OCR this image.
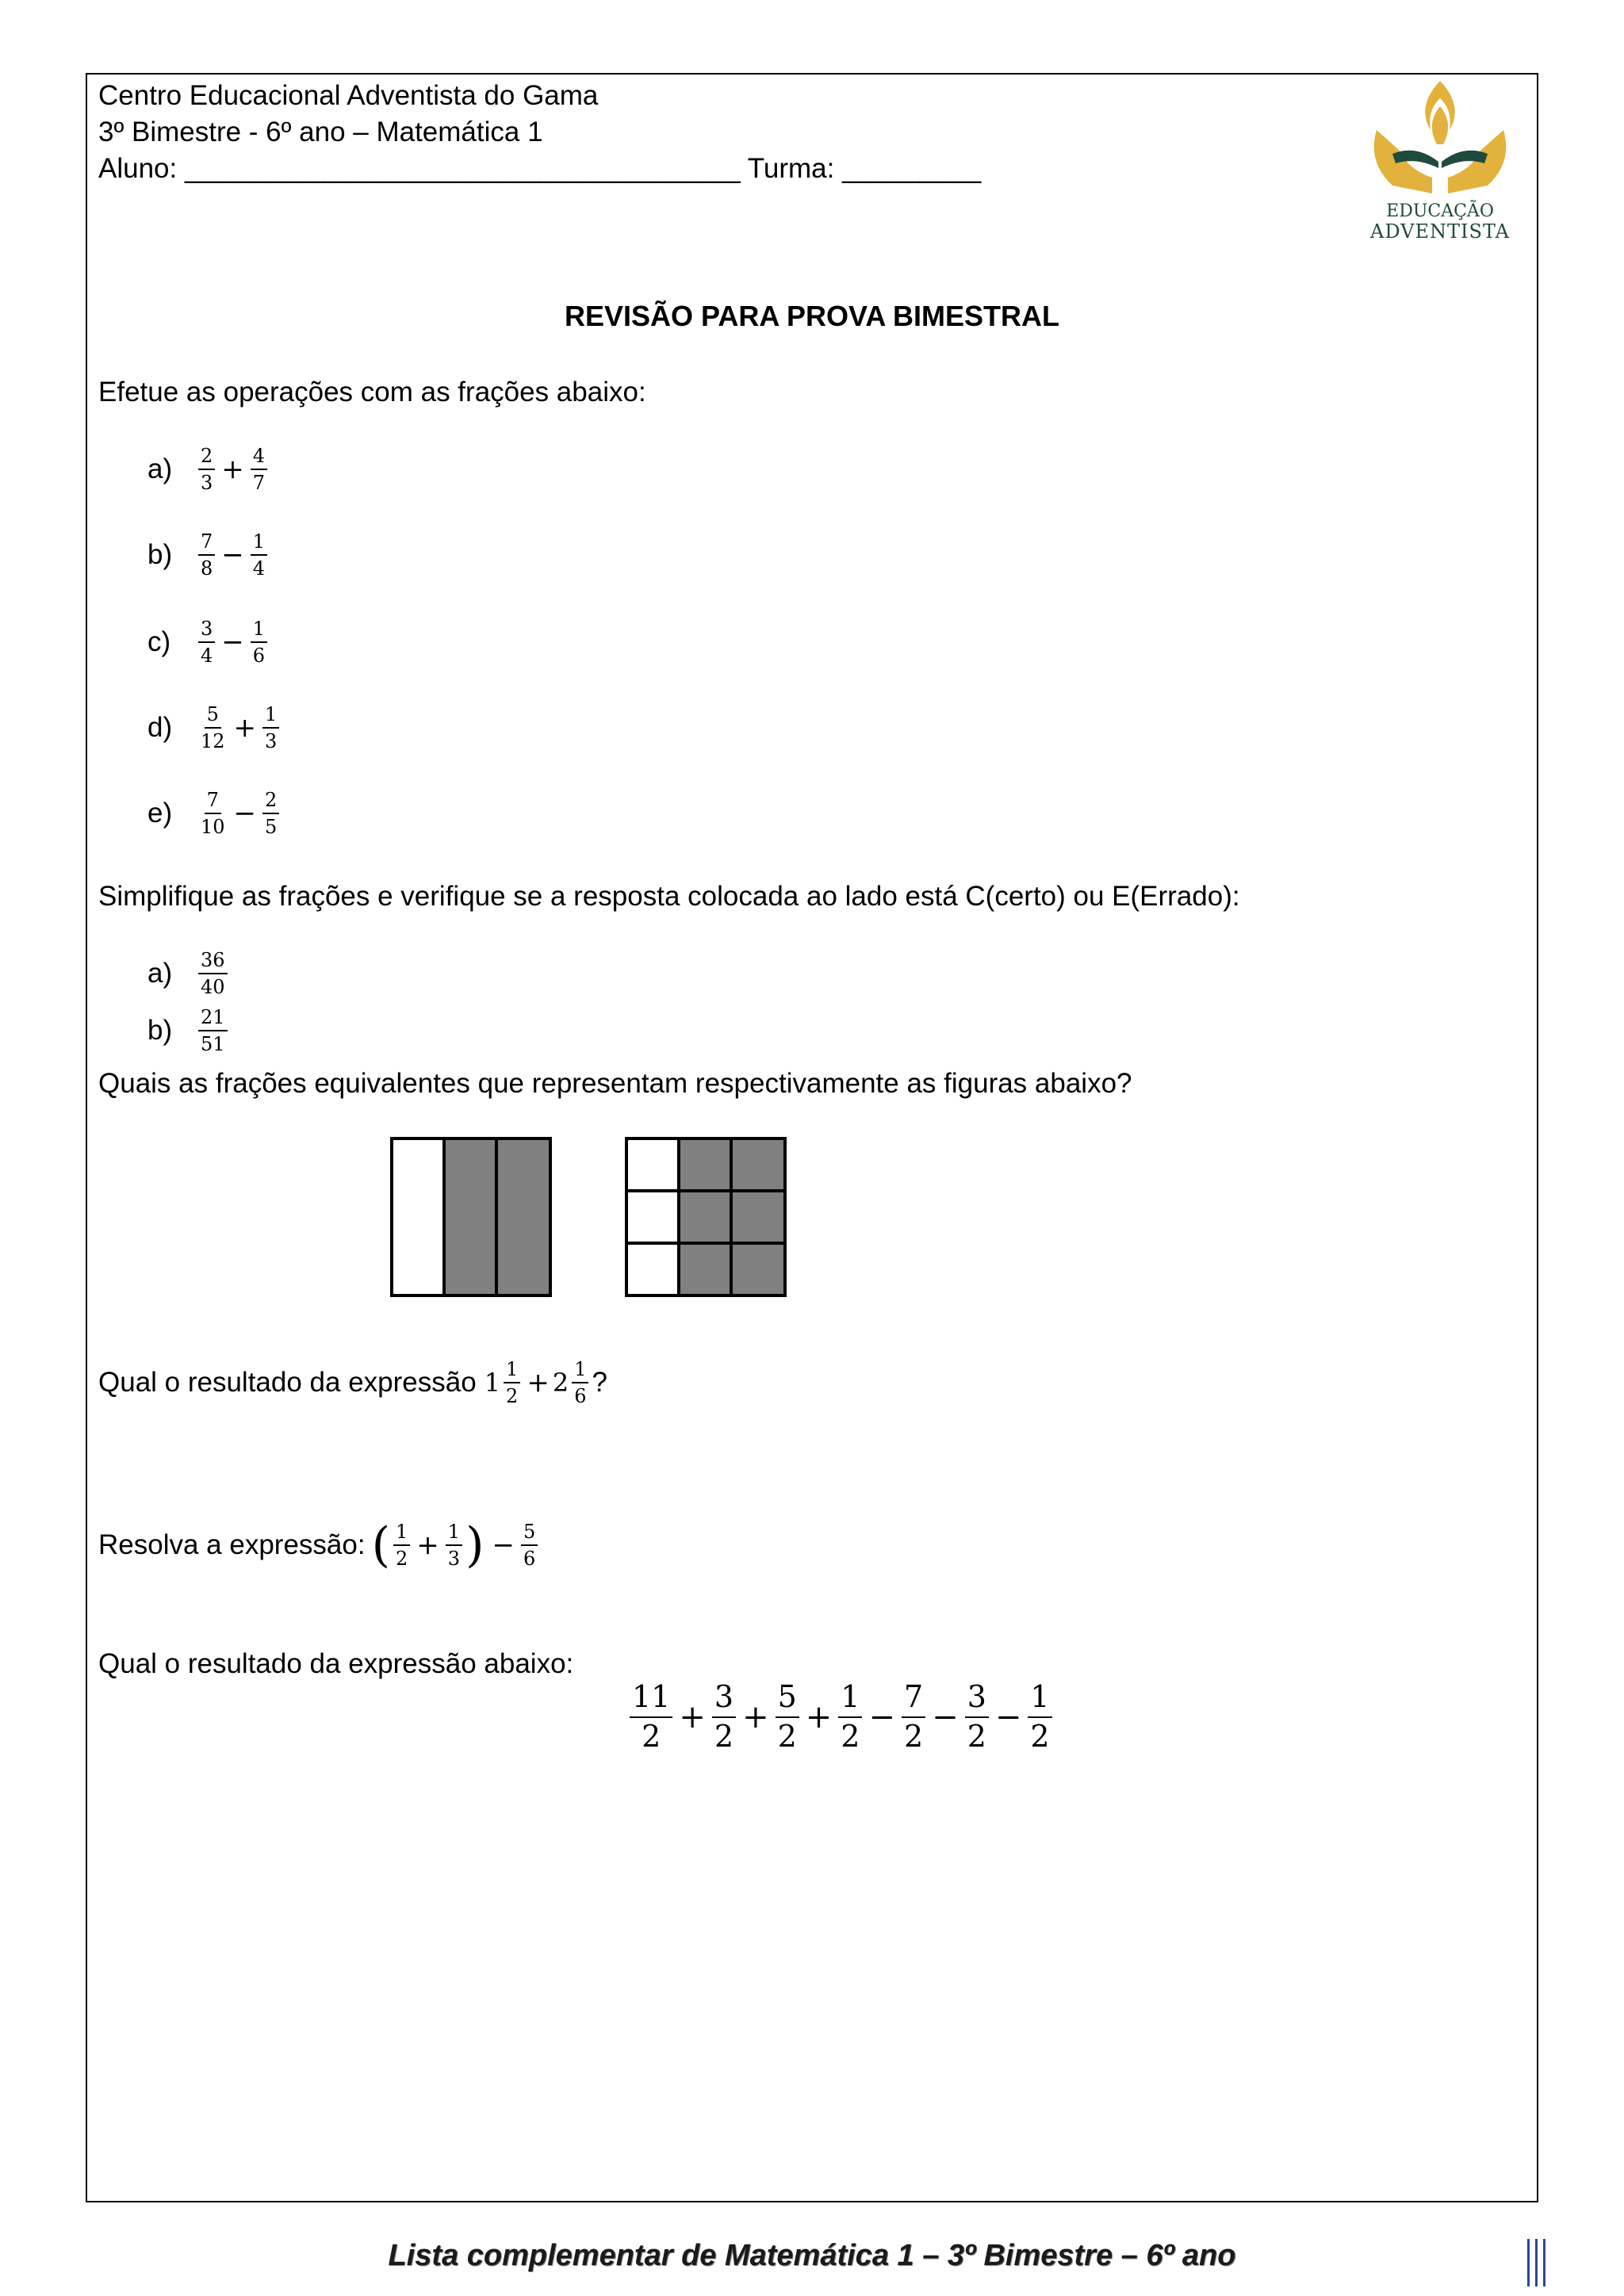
Centro Educacional Adventista do Gama
3º Bimestre - 6º ano – Matemática 1
Aluno: ____________________________________ Turma: _________
EDUCAÇÃO
ADVENTISTA
REVISÃO PARA PROVA BIMESTRAL
Efetue as operações com as frações abaixo:
a)	$\frac{2}{3} + \frac{4}{7}$
b)	$\frac{7}{8} - \frac{1}{4}$
c)	$\frac{3}{4} - \frac{1}{6}$
d)	$\frac{5}{12} + \frac{1}{3}$
e)	$\frac{7}{10} - \frac{2}{5}$
Simplifique as frações e verifique se a resposta colocada ao lado está C(certo) ou E(Errado):
a)	$\frac{36}{40}$
b)	$\frac{21}{51}$
Quais as frações equivalentes que representam respectivamente as figuras abaixo?
Qual o resultado da expressão $1 \frac{1}{2} + 2 \frac{1}{6}$ ?
Resolva a expressão: ( $\frac{1}{2} + \frac{1}{3}$ ) − $\frac{5}{6}$
Qual o resultado da expressão abaixo:
$\frac{11}{2} + \frac{3}{2} + \frac{5}{2} + \frac{1}{2} - \frac{7}{2} - \frac{3}{2} - \frac{1}{2}$
Lista complementar de Matemática 1 – 3º Bimestre – 6º ano
